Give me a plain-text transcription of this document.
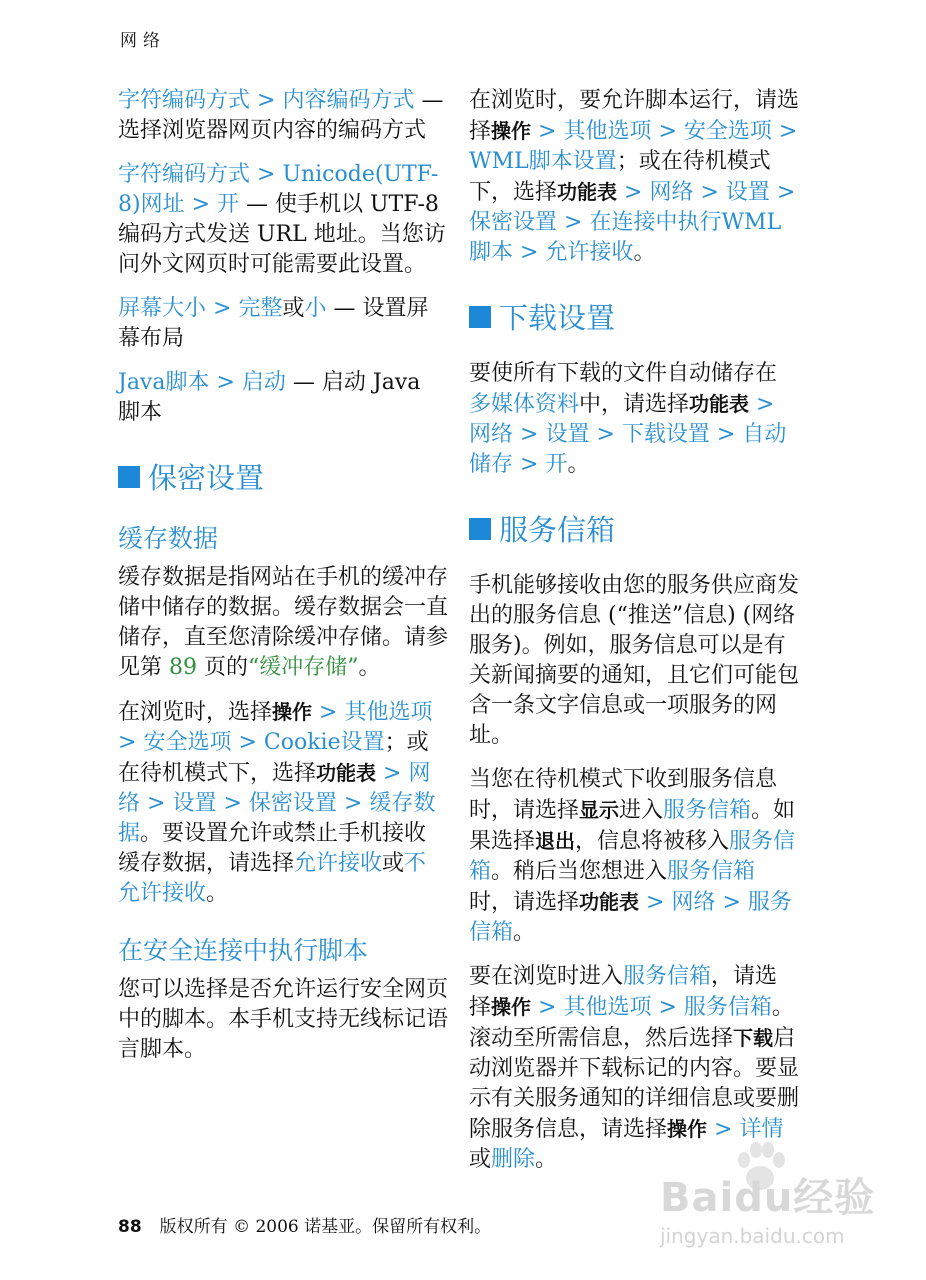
网络

字符编码方式 > 内容编码方式 — 选择浏览器网页内容的编码方式

字符编码方式 > Unicode(UTF-8)网址 > 开 — 使手机以 UTF-8 编码方式发送 URL 地址。当您访问外文网页时可能需要此设置。

屏幕大小 > 完整或小 — 设置屏幕布局

Java脚本 > 启动 — 启动 Java 脚本

保密设置
缓存数据

缓存数据是指网站在手机的缓冲存储中储存的数据。缓存数据会一直储存，直至您清除缓冲存储。请参见第 89 页的“缓冲存储”。

在浏览时，选择操作 > 其他选项 > 安全选项 > Cookie设置；或在待机模式下，选择功能表 > 网络 > 设置 > 保密设置 > 缓存数据。要设置允许或禁止手机接收缓存数据，请选择允许接收或不允许接收。

在安全连接中执行脚本

您可以选择是否允许运行安全网页中的脚本。本手机支持无线标记语言脚本。

在浏览时，要允许脚本运行，请选择操作 > 其他选项 > 安全选项 > WML脚本设置；或在待机模式下，选择功能表 > 网络 > 设置 > 保密设置 > 在连接中执行WML脚本 > 允许接收。

下载设置

要使所有下载的文件自动储存在多媒体资料中，请选择功能表 > 网络 > 设置 > 下载设置 > 自动储存 > 开。

服务信箱

手机能够接收由您的服务供应商发出的服务信息 (“推送”信息) (网络服务)。例如，服务信息可以是有关新闻摘要的通知，且它们可能包含一条文字信息或一项服务的网址。

当您在待机模式下收到服务信息时，请选择显示进入服务信箱。如果选择退出，信息将被移入服务信箱。稍后当您想进入服务信箱时，请选择功能表 > 网络 > 服务信箱。

要在浏览时进入服务信箱，请选择操作 > 其他选项 > 服务信箱。滚动至所需信息，然后选择下载启动浏览器并下载标记的内容。要显示有关服务通知的详细信息或要删除服务信息，请选择操作 > 详情或删除。

88 版权所有 © 2006 诺基亚。保留所有权利。
Baidu经验
jingyan.baidu.com
